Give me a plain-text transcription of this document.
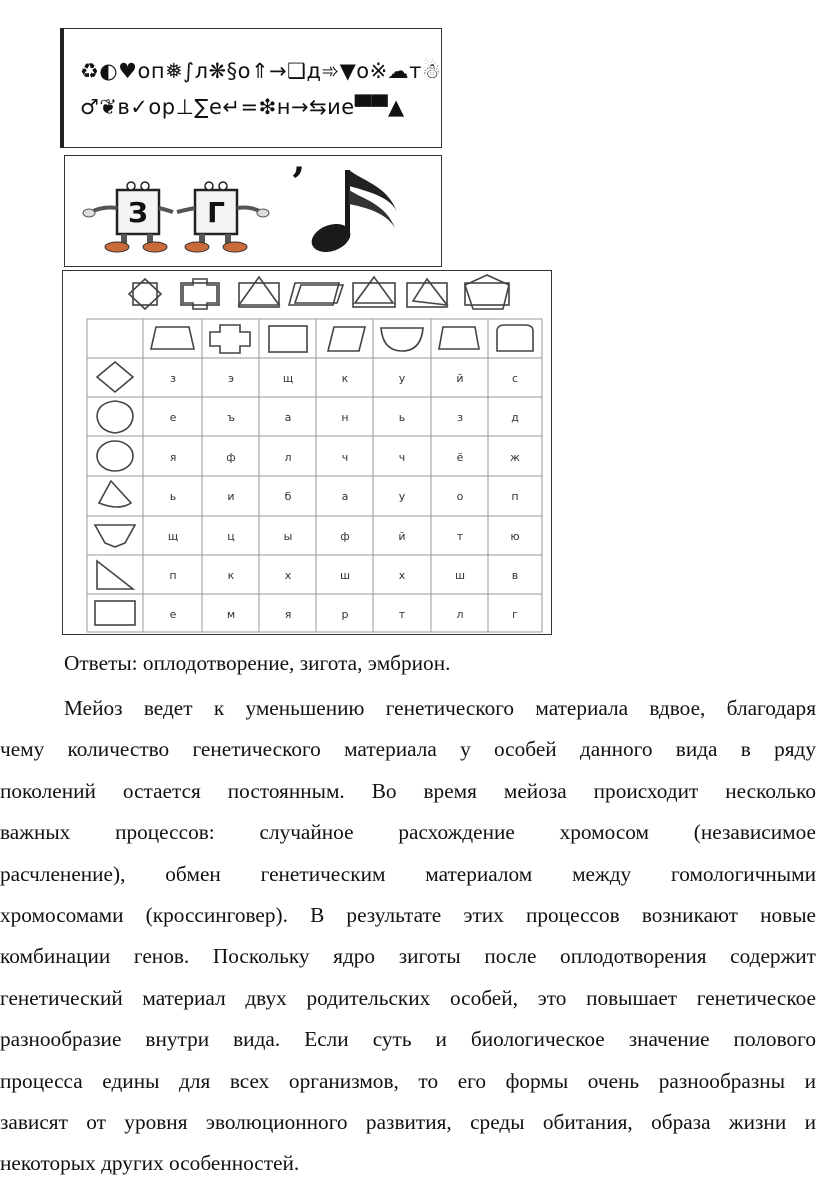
♻◐♥оп❅∫л❋§о⇑→❑д➾▼о※☁т☃
♂❦в✓ор⊥∑е↵=❇н→⇆ие▀▀▲
З Г
’
з	э	щ	к	у	й	с
е	ъ	а	н	ь	з	д
я	ф	л	ч	ч	ё	ж
ь	и	б	а	у	о	п
щ	ц	ы	ф	й	т	ю
п	к	х	ш	х	ш	в
е	м	я	р	т	л	г
Ответы: оплодотворение, зигота, эмбрион.
Мейоз ведет к уменьшению генетического материала вдвое, благодаря
чему количество генетического материала у особей данного вида в ряду
поколений остается постоянным. Во время мейоза происходит несколько
важных процессов: случайное расхождение хромосом (независимое
расчленение), обмен генетическим материалом между гомологичными
хромосомами (кроссинговер). В результате этих процессов возникают новые
комбинации генов. Поскольку ядро зиготы после оплодотворения содержит
генетический материал двух родительских особей, это повышает генетическое
разнообразие внутри вида. Если суть и биологическое значение полового
процесса едины для всех организмов, то его формы очень разнообразны и
зависят от уровня эволюционного развития, среды обитания, образа жизни и
некоторых других особенностей.
